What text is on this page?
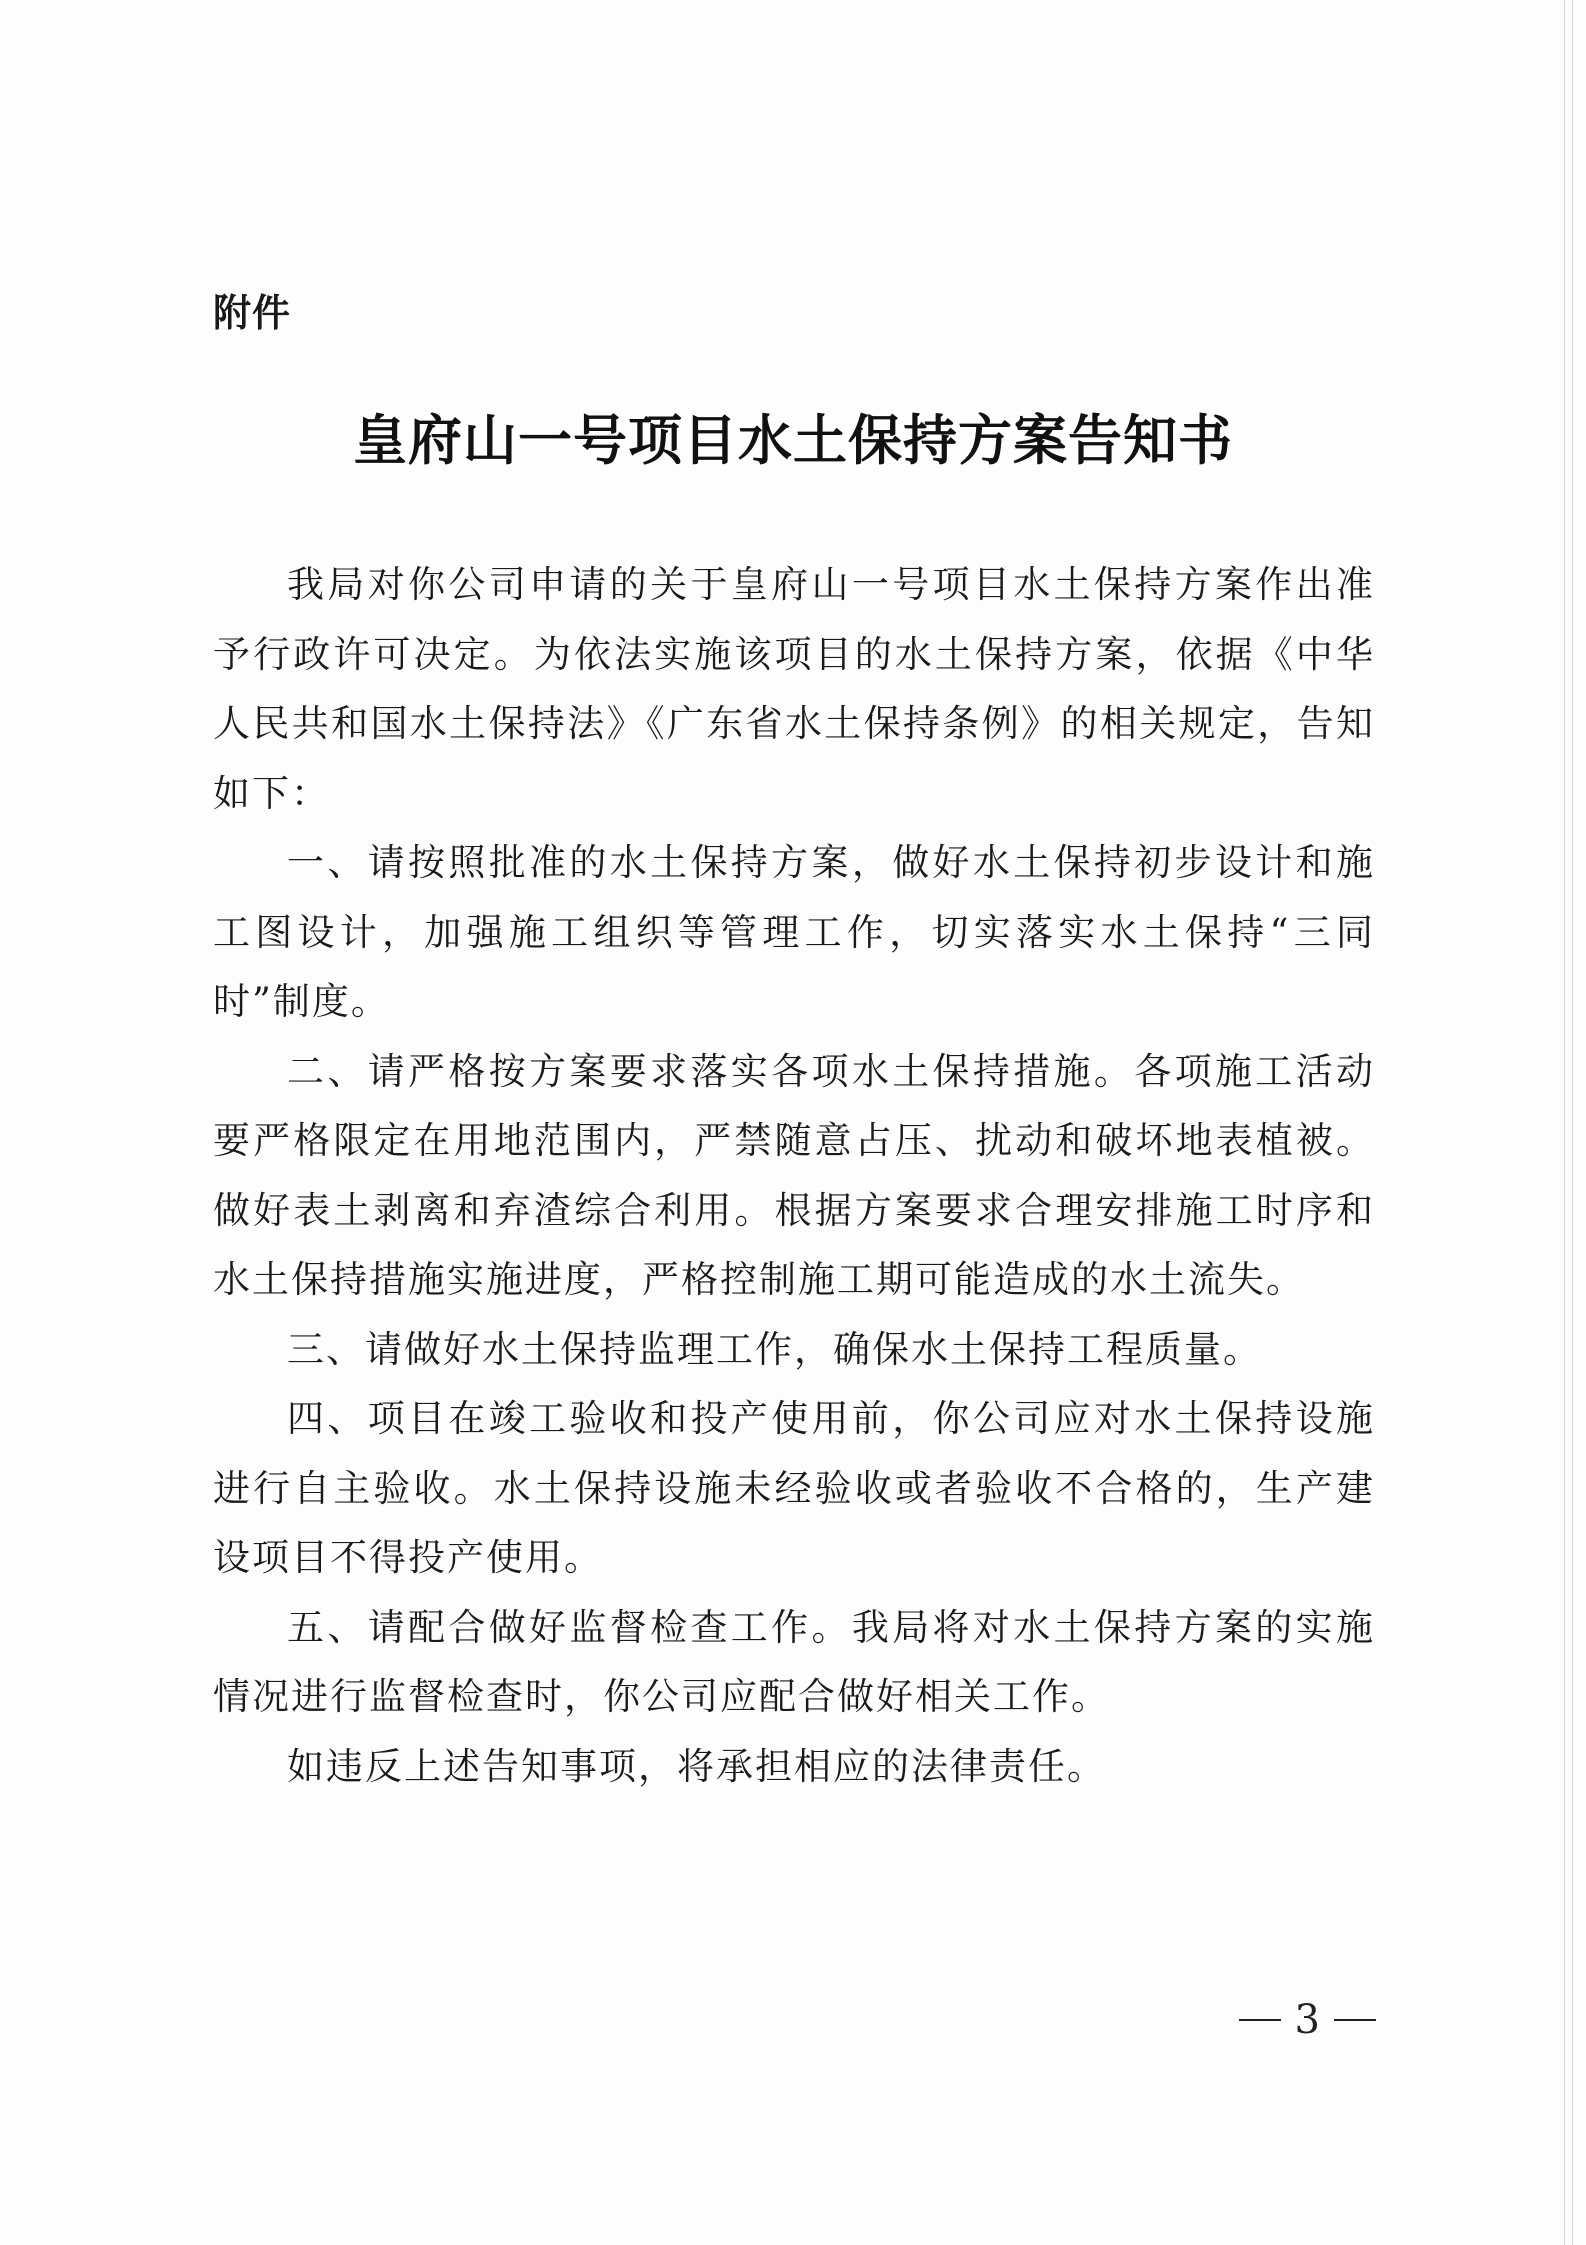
附件
皇府山一号项目水土保持方案告知书

我局对你公司申请的关于皇府山一号项目水土保持方案作出准予行政许可决定。为依法实施该项目的水土保持方案，依据《中华人民共和国水土保持法》《广东省水土保持条例》的相关规定，告知如下：

一、请按照批准的水土保持方案，做好水土保持初步设计和施工图设计，加强施工组织等管理工作，切实落实水土保持“三同时”制度。

二、请严格按方案要求落实各项水土保持措施。各项施工活动要严格限定在用地范围内，严禁随意占压、扰动和破坏地表植被。做好表土剥离和弃渣综合利用。根据方案要求合理安排施工时序和水土保持措施实施进度，严格控制施工期可能造成的水土流失。

三、请做好水土保持监理工作，确保水土保持工程质量。

四、项目在竣工验收和投产使用前，你公司应对水土保持设施进行自主验收。水土保持设施未经验收或者验收不合格的，生产建设项目不得投产使用。

五、请配合做好监督检查工作。我局将对水土保持方案的实施情况进行监督检查时，你公司应配合做好相关工作。

如违反上述告知事项，将承担相应的法律责任。

3
